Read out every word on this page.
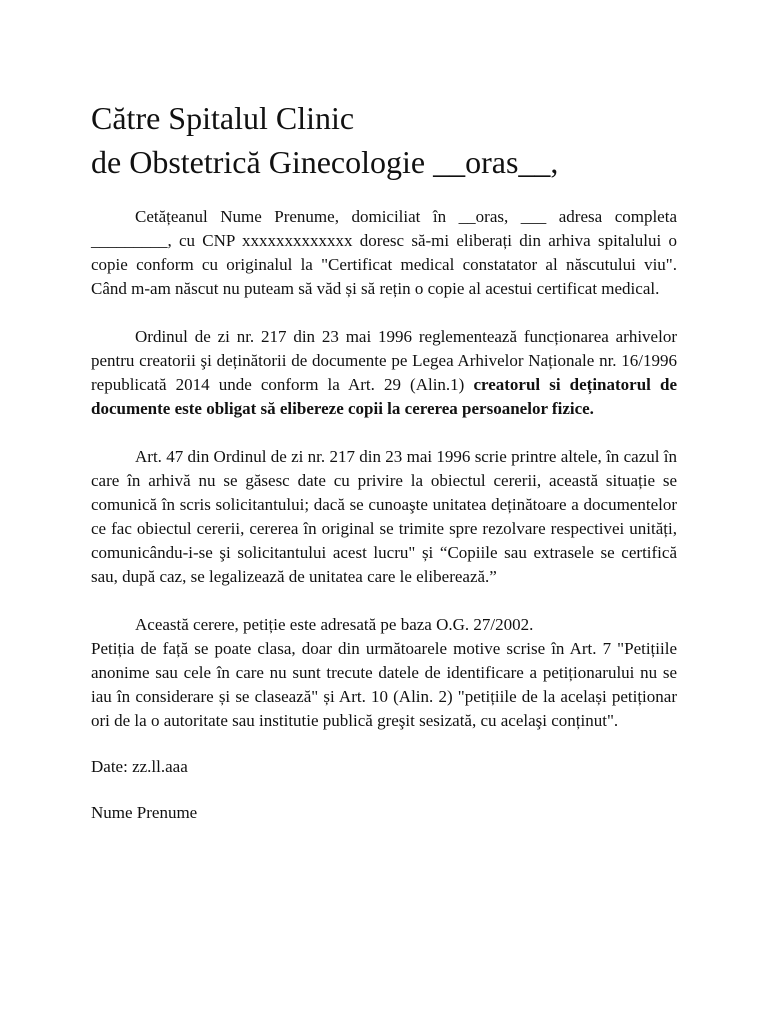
Către Spitalul Clinic
de Obstetrică Ginecologie __oras__,

Cetățeanul Nume Prenume, domiciliat în __oras, ___ adresa completa _________, cu CNP xxxxxxxxxxxxx doresc să-mi eliberați din arhiva spitalului o copie conform cu originalul la "Certificat medical constatator al născutului viu". Când m-am născut nu puteam să văd și să rețin o copie al acestui certificat medical.

Ordinul de zi nr. 217 din 23 mai 1996 reglementează funcționarea arhivelor pentru creatorii şi deținătorii de documente pe Legea Arhivelor Naționale nr. 16/1996 republicată 2014 unde conform la Art. 29 (Alin.1) creatorul si deținatorul de documente este obligat să elibereze copii la cererea persoanelor fizice.

Art. 47 din Ordinul de zi nr. 217 din 23 mai 1996 scrie printre altele, în cazul în care în arhivă nu se găsesc date cu privire la obiectul cererii, această situație se comunică în scris solicitantului; dacă se cunoaşte unitatea deținătoare a documentelor ce fac obiectul cererii, cererea în original se trimite spre rezolvare respectivei unități, comunicându-i-se şi solicitantului acest lucru" și “Copiile sau extrasele se certifică sau, după caz, se legalizează de unitatea care le eliberează.”

Această cerere, petiție este adresată pe baza O.G. 27/2002.

Petiția de față se poate clasa, doar din următoarele motive scrise în Art. 7 "Petițiile anonime sau cele în care nu sunt trecute datele de identificare a petiționarului nu se iau în considerare și se clasează" și Art. 10 (Alin. 2) "petițiile de la același petiționar ori de la o autoritate sau institutie publică greşit sesizată, cu acelaşi conținut".

Date: zz.ll.aaa

Nume Prenume
